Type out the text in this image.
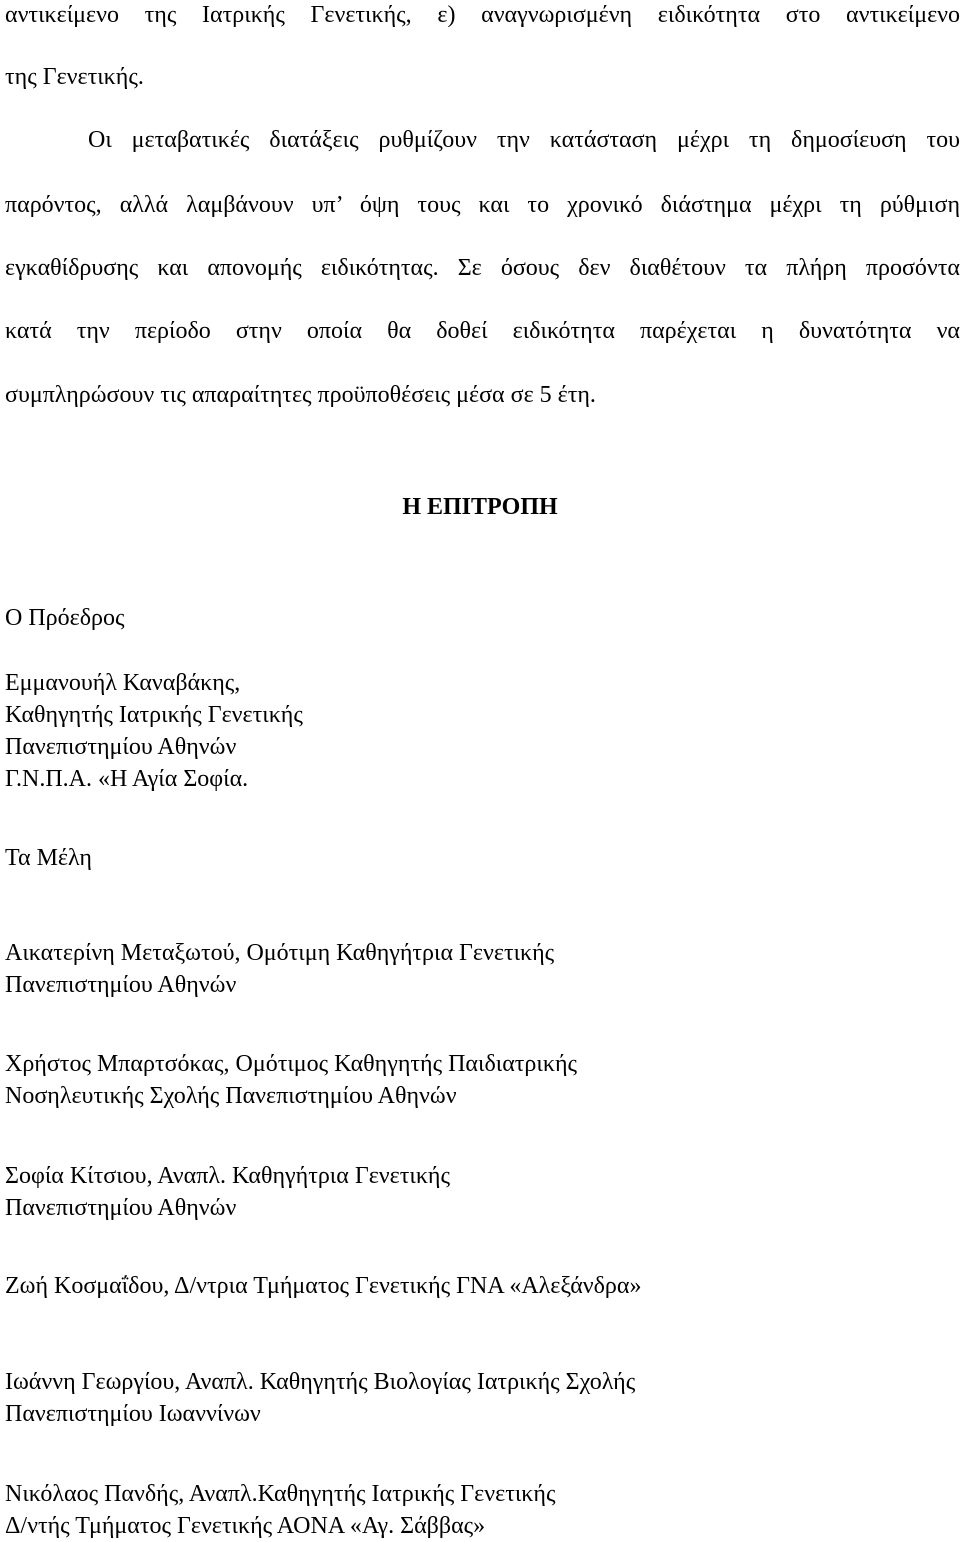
αντικείμενο της Ιατρικής Γενετικής, ε) αναγνωρισμένη ειδικότητα στο αντικείμενο
της Γενετικής.
Οι μεταβατικές διατάξεις ρυθμίζουν την κατάσταση μέχρι τη δημοσίευση του
παρόντος, αλλά λαμβάνουν υπ’ όψη τους και το χρονικό διάστημα μέχρι τη ρύθμιση
εγκαθίδρυσης και απονομής ειδικότητας. Σε όσους δεν διαθέτουν τα πλήρη προσόντα
κατά την περίοδο στην οποία θα δοθεί ειδικότητα παρέχεται η δυνατότητα να
συμπληρώσουν τις απαραίτητες προϋποθέσεις μέσα σε 5 έτη.
Η ΕΠΙΤΡΟΠΗ
Ο Πρόεδρος
Εμμανουήλ Καναβάκης,
Καθηγητής Ιατρικής Γενετικής
Πανεπιστημίου Αθηνών
Γ.Ν.Π.Α. «Η Αγία Σοφία.
Τα Μέλη
Αικατερίνη Μεταξωτού, Ομότιμη Καθηγήτρια Γενετικής
Πανεπιστημίου Αθηνών
Χρήστος Μπαρτσόκας, Ομότιμος Καθηγητής Παιδιατρικής
Νοσηλευτικής Σχολής Πανεπιστημίου Αθηνών
Σοφία Κίτσιου, Αναπλ. Καθηγήτρια Γενετικής
Πανεπιστημίου Αθηνών
Ζωή Κοσμαΐδου, Δ/ντρια Τμήματος Γενετικής ΓΝΑ «Αλεξάνδρα»
Ιωάννη Γεωργίου, Αναπλ. Καθηγητής Βιολογίας Ιατρικής Σχολής
Πανεπιστημίου Ιωαννίνων
Νικόλαος Πανδής, Αναπλ.Καθηγητής Ιατρικής Γενετικής
Δ/ντής Τμήματος Γενετικής ΑΟΝΑ «Αγ. Σάββας»
